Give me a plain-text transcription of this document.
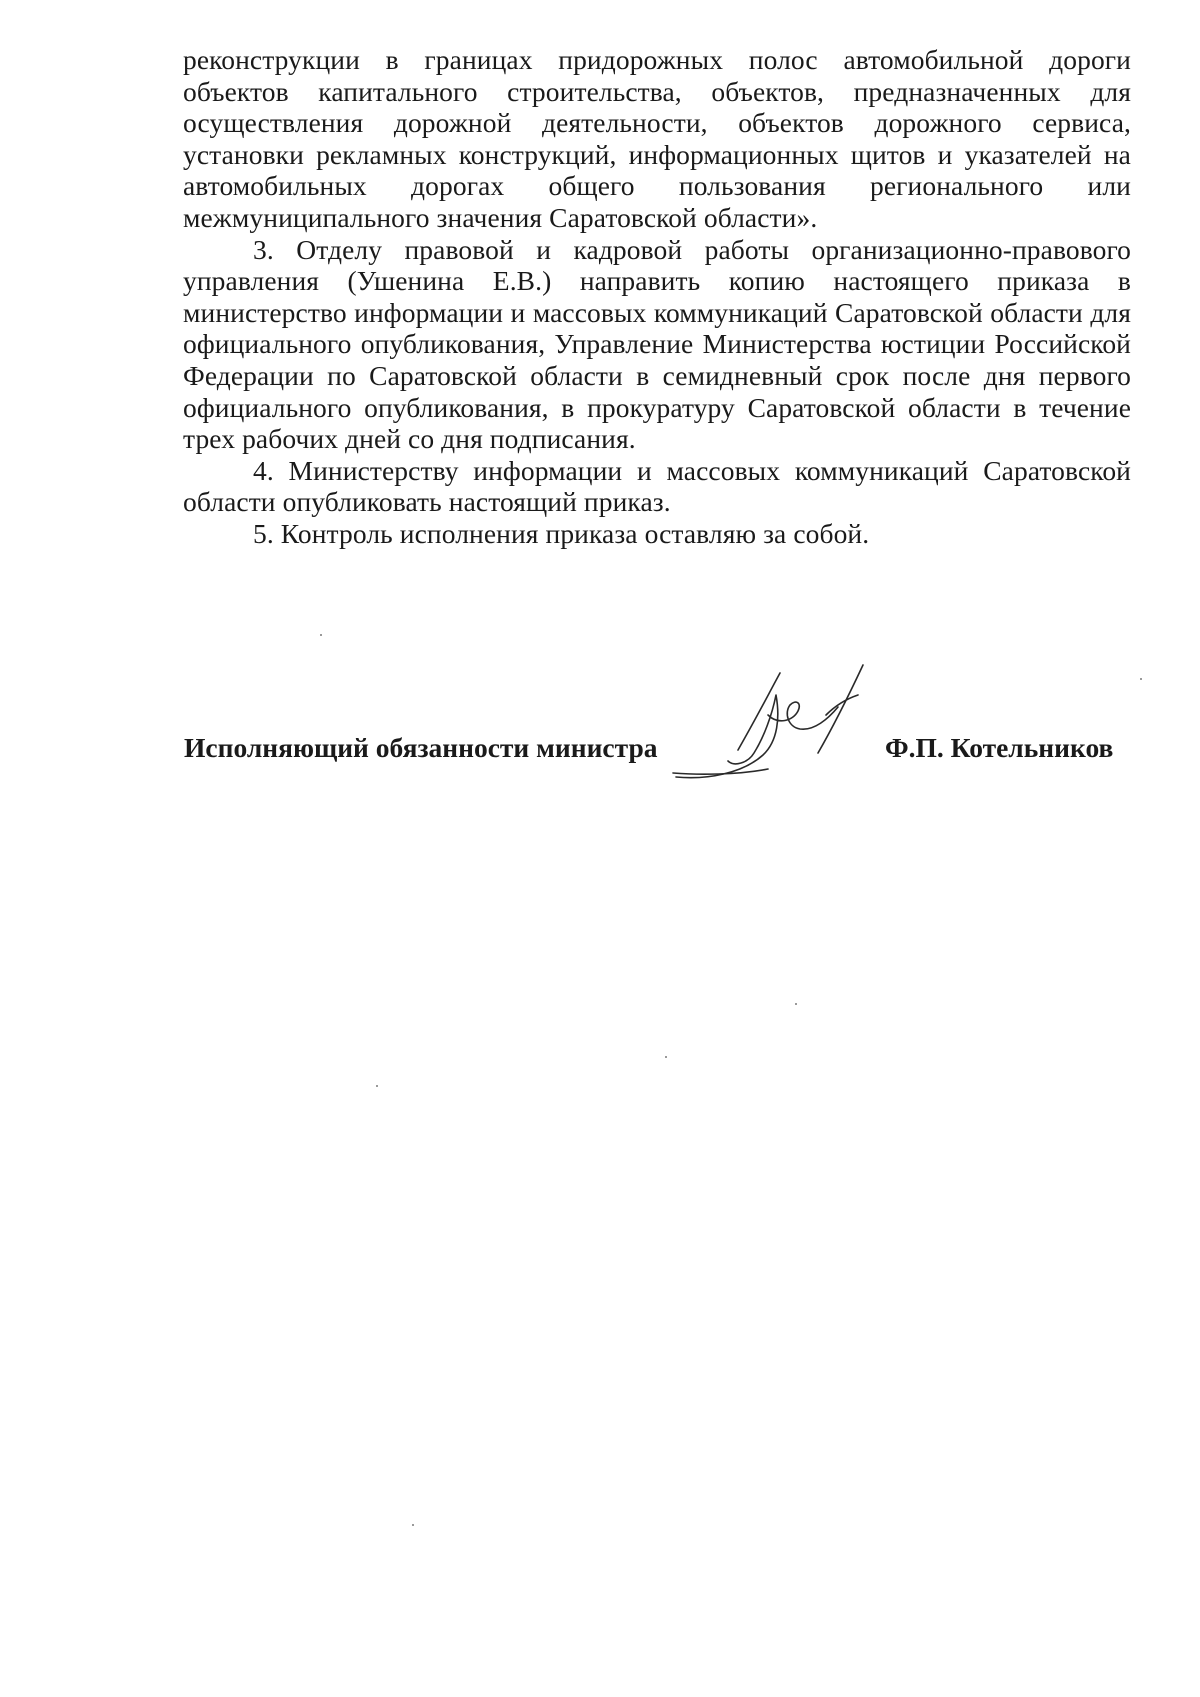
реконструкции в границах придорожных полос автомобильной дороги объектов капитального строительства, объектов, предназначенных для осуществления дорожной деятельности, объектов дорожного сервиса, установки рекламных конструкций, информационных щитов и указателей на автомобильных дорогах общего пользования регионального или межмуниципального значения Саратовской области».

3. Отделу правовой и кадровой работы организационно-правового управления (Ушенина Е.В.) направить копию настоящего приказа в министерство информации и массовых коммуникаций Саратовской области для официального опубликования, Управление Министерства юстиции Российской Федерации по Саратовской области в семидневный срок после дня первого официального опубликования, в прокуратуру Саратовской области в течение трех рабочих дней со дня подписания.

4. Министерству информации и массовых коммуникаций Саратовской области опубликовать настоящий приказ.

5. Контроль исполнения приказа оставляю за собой.

Исполняющий обязанности министра	Ф.П. Котельников
